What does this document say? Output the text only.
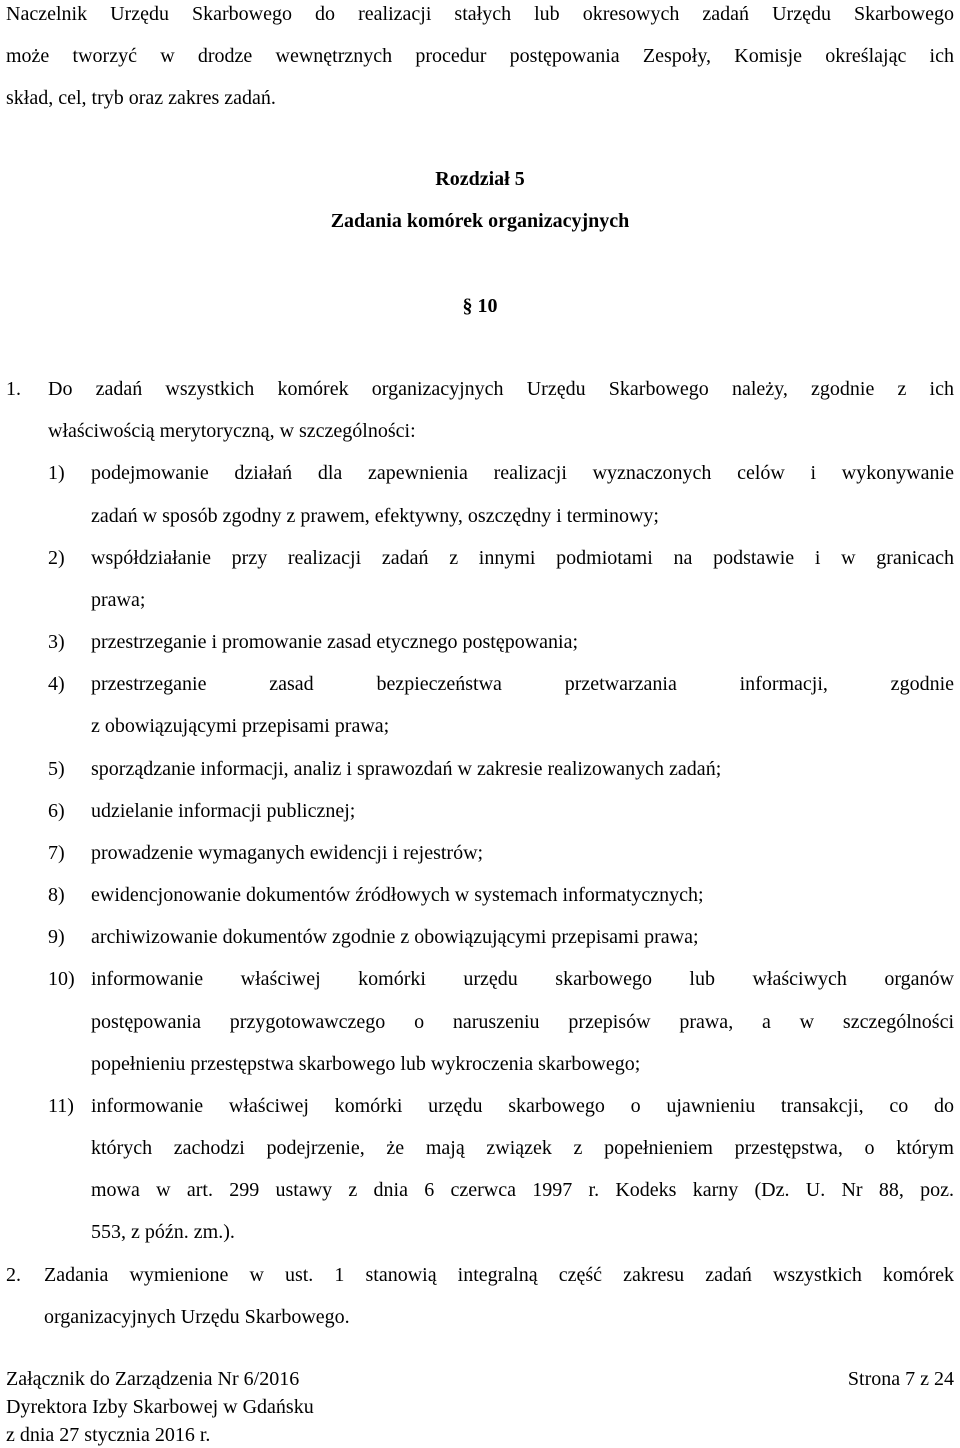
Naczelnik Urzędu Skarbowego do realizacji stałych lub okresowych zadań Urzędu Skarbowego
może tworzyć w drodze wewnętrznych procedur postępowania Zespoły, Komisje określając ich
skład, cel, tryb oraz zakres zadań.
Rozdział 5
Zadania komórek organizacyjnych
§ 10
1. Do zadań wszystkich komórek organizacyjnych Urzędu Skarbowego należy, zgodnie z ich
właściwością merytoryczną, w szczególności:
1) podejmowanie działań dla zapewnienia realizacji wyznaczonych celów i wykonywanie
zadań w sposób zgodny z prawem, efektywny, oszczędny i terminowy;
2) współdziałanie przy realizacji zadań z innymi podmiotami na podstawie i w granicach
prawa;
3) przestrzeganie i promowanie zasad etycznego postępowania;
4) przestrzeganie zasad bezpieczeństwa przetwarzania informacji, zgodnie
z obowiązującymi przepisami prawa;
5) sporządzanie informacji, analiz i sprawozdań w zakresie realizowanych zadań;
6) udzielanie informacji publicznej;
7) prowadzenie wymaganych ewidencji i rejestrów;
8) ewidencjonowanie dokumentów źródłowych w systemach informatycznych;
9) archiwizowanie dokumentów zgodnie z obowiązującymi przepisami prawa;
10) informowanie właściwej komórki urzędu skarbowego lub właściwych organów
postępowania przygotowawczego o naruszeniu przepisów prawa, a w szczególności
popełnieniu przestępstwa skarbowego lub wykroczenia skarbowego;
11) informowanie właściwej komórki urzędu skarbowego o ujawnieniu transakcji, co do
których zachodzi podejrzenie, że mają związek z popełnieniem przestępstwa, o którym
mowa w art. 299 ustawy z dnia 6 czerwca 1997 r. Kodeks karny (Dz. U. Nr 88, poz.
553, z późn. zm.).
2. Zadania wymienione w ust. 1 stanowią integralną część zakresu zadań wszystkich komórek
organizacyjnych Urzędu Skarbowego.
Załącznik do Zarządzenia Nr 6/2016	Strona 7 z 24
Dyrektora Izby Skarbowej w Gdańsku
z dnia 27 stycznia 2016 r.
